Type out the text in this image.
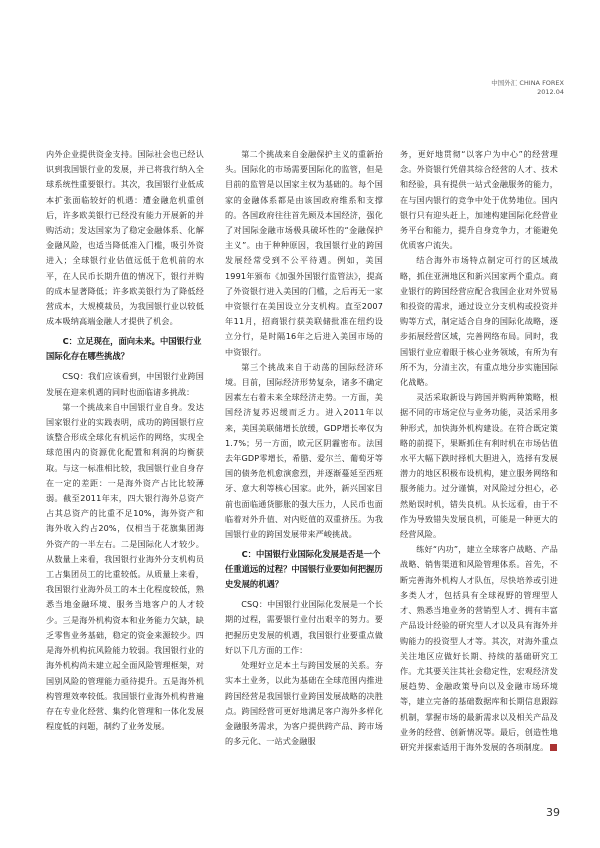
中国外汇 CHINA FOREX
2012.04

内外企业提供资金支持。国际社会也已经认识到我国银行业的发展，并已将我行纳入全球系统性重要银行。其次，我国银行业低成本扩张面临较好的机遇：遭金融危机重创后，许多欧美银行已经没有能力开展新的并购活动；发达国家为了稳定金融体系、化解金融风险，也适当降低准入门槛，吸引外资进入；全球银行业估值远低于危机前的水平，在人民币长期升值的情况下，银行并购的成本显著降低；许多欧美银行为了降低经营成本，大规模裁员，为我国银行业以较低成本吸纳高端金融人才提供了机会。

C：立足现在，面向未来。中国银行业国际化存在哪些挑战？

CSQ：我们应该看到，中国银行业跨国发展在迎来机遇的同时也面临诸多挑战：

第一个挑战来自中国银行业自身。发达国家银行业的实践表明，成功的跨国银行应该整合形成全球化有机运作的网络，实现全球范围内的资源优化配置和利润的均衡获取。与这一标准相比较，我国银行业自身存在一定的差距：一是海外资产占比比较薄弱。截至2011年末，四大银行海外总资产占其总资产的比重不足10%，海外资产和海外收入约占20%，仅相当于花旗集团海外资产的一半左右。二是国际化人才较少。从数量上来看，我国银行业海外分支机构员工占集团员工的比重较低。从质量上来看，我国银行业海外员工的本土化程度较低，熟悉当地金融环境、服务当地客户的人才较少。三是海外机构资本和业务能力欠缺，缺乏零售业务基础，稳定的资金来源较少。四是海外机构抗风险能力较弱。我国银行业的海外机构尚未建立起全面风险管理框架，对国别风险的管理能力亟待提升。五是海外机构管理效率较低。我国银行业海外机构普遍存在专业化经营、集约化管理和一体化发展程度低的问题，制约了业务发展。

第二个挑战来自金融保护主义的重新抬头。国际化的市场需要国际化的监管，但是目前的监管是以国家主权为基础的。每个国家的金融体系都是由该国政府维系和支撑的。各国政府往往首先顾及本国经济，强化了对国际金融市场极具破坏性的“金融保护主义”。由于种种原因，我国银行业的跨国发展经常受到不公平待遇。例如，美国1991年颁布《加强外国银行监管法》，提高了外资银行进入美国的门槛，之后再无一家中资银行在美国设立分支机构。直至2007年11月，招商银行获美联储批准在纽约设立分行，是时隔16年之后进入美国市场的中资银行。

第三个挑战来自于动荡的国际经济环境。目前，国际经济形势复杂，诸多不确定因素左右着未来全球经济走势。一方面，美国经济复苏迟缓而乏力。进入2011年以来，美国美联储增长放缓，GDP增长率仅为1.7%；另一方面，欧元区阴霾密布。法国去年GDP零增长，希腊、爱尔兰、葡萄牙等国的债务危机愈演愈烈，并逐渐蔓延至西班牙、意大利等核心国家。此外，新兴国家目前也面临通货膨胀的强大压力，人民币也面临着对外升值、对内贬值的双重挤压。为我国银行业的跨国发展带来严峻挑战。

C：中国银行业国际化发展是否是一个任重道远的过程？中国银行业要如何把握历史发展的机遇？

CSQ：中国银行业国际化发展是一个长期的过程，需要银行业付出艰辛的努力。要把握历史发展的机遇，我国银行业要重点做好以下几方面的工作：

处理好立足本土与跨国发展的关系。夯实本土业务，以此为基础在全球范围内推进跨国经营是我国银行业跨国发展战略的决胜点。跨国经营可更好地满足客户海外多样化金融服务需求，为客户提供跨产品、跨市场的多元化、一站式金融服

务，更好地贯彻“以客户为中心”的经营理念。外资银行凭借其综合经营的人才、技术和经验，具有提供一站式金融服务的能力，在与国内银行的竞争中处于优势地位。国内银行只有迎头赶上，加速构建国际化经营业务平台和能力，提升自身竞争力，才能避免优质客户流失。

结合海外市场特点制定可行的区域战略，抓住亚洲地区和新兴国家两个重点。商业银行的跨国经营应配合我国企业对外贸易和投资的需求，通过设立分支机构或投资并购等方式，制定适合自身的国际化战略，逐步拓展经营区域，完善网络布局。同时，我国银行业应着眼于核心业务领域，有所为有所不为，分清主次，有重点地分步实施国际化战略。

灵活采取新设与跨国并购两种策略，根据不同的市场定位与业务功能，灵活采用多种形式，加快海外机构建设。在符合既定策略的前提下，果断抓住有利时机在市场估值水平大幅下跌时择机大胆进入，选择有发展潜力的地区积极布设机构，建立服务网络和服务能力。过分谨慎，对风险过分担心，必然贻误时机，错失良机。从长远看，由于不作为导致错失发展良机，可能是一种更大的经营风险。

练好“内功”，建立全球客户战略、产品战略、销售渠道和风险管理体系。首先，不断完善海外机构人才队伍，尽快培养或引进多类人才，包括具有全球视野的管理型人才、熟悉当地业务的营销型人才、拥有丰富产品设计经验的研究型人才以及具有海外并购能力的投资型人才等。其次，对海外重点关注地区应做好长期、持续的基础研究工作。尤其要关注其社会稳定性，宏观经济发展趋势、金融政策导向以及金融市场环境等，建立完备的基础数据库和长期信息跟踪机制，掌握市场的最新需求以及相关产品及业务的经营、创新情况等。最后，创造性地研究并探索适用于海外发展的各项制度。

39
